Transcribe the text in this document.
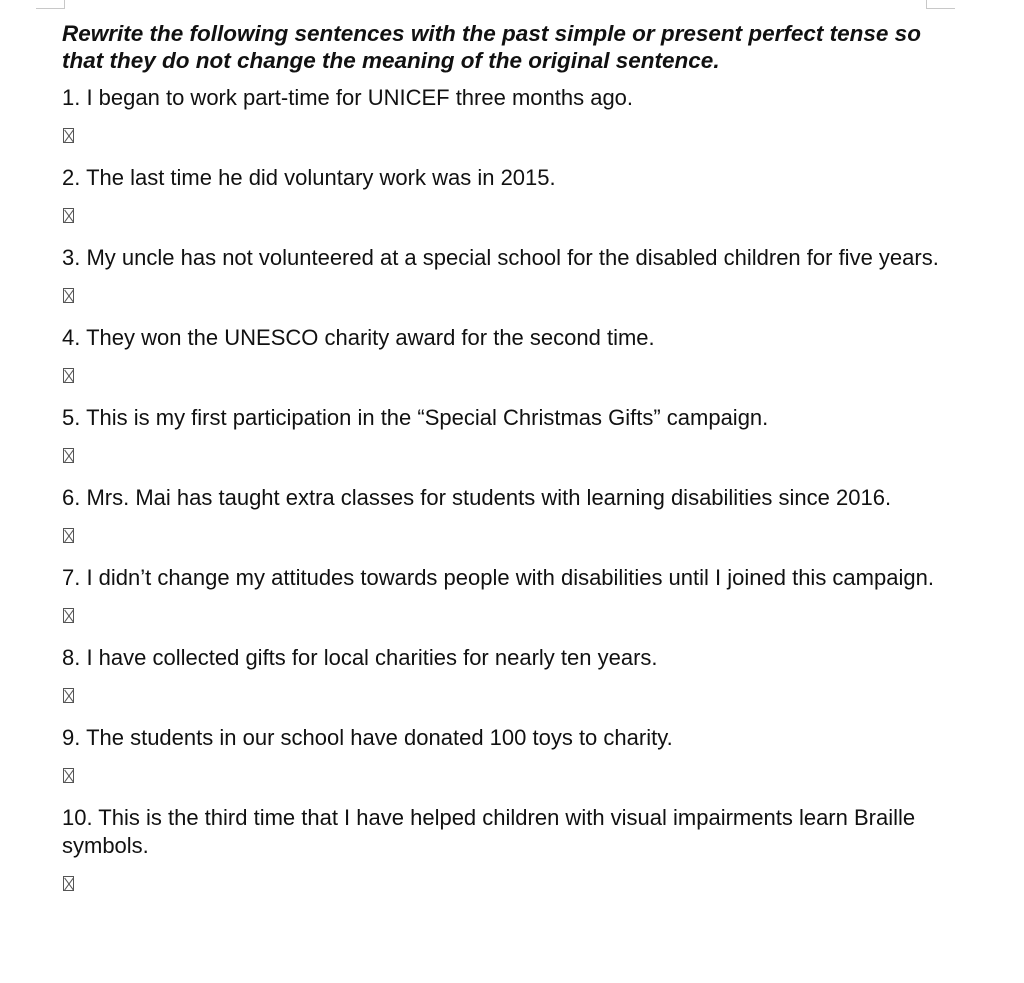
Rewrite the following sentences with the past simple or present perfect tense so that they do not change the meaning of the original sentence.

1. I began to work part-time for UNICEF three months ago.

2. The last time he did voluntary work was in 2015.

3. My uncle has not volunteered at a special school for the disabled children for five years.

4. They won the UNESCO charity award for the second time.

5. This is my first participation in the “Special Christmas Gifts” campaign.

6. Mrs. Mai has taught extra classes for students with learning disabilities since 2016.

7. I didn’t change my attitudes towards people with disabilities until I joined this campaign.

8. I have collected gifts for local charities for nearly ten years.

9. The students in our school have donated 100 toys to charity.

10. This is the third time that I have helped children with visual impairments learn Braille symbols.
